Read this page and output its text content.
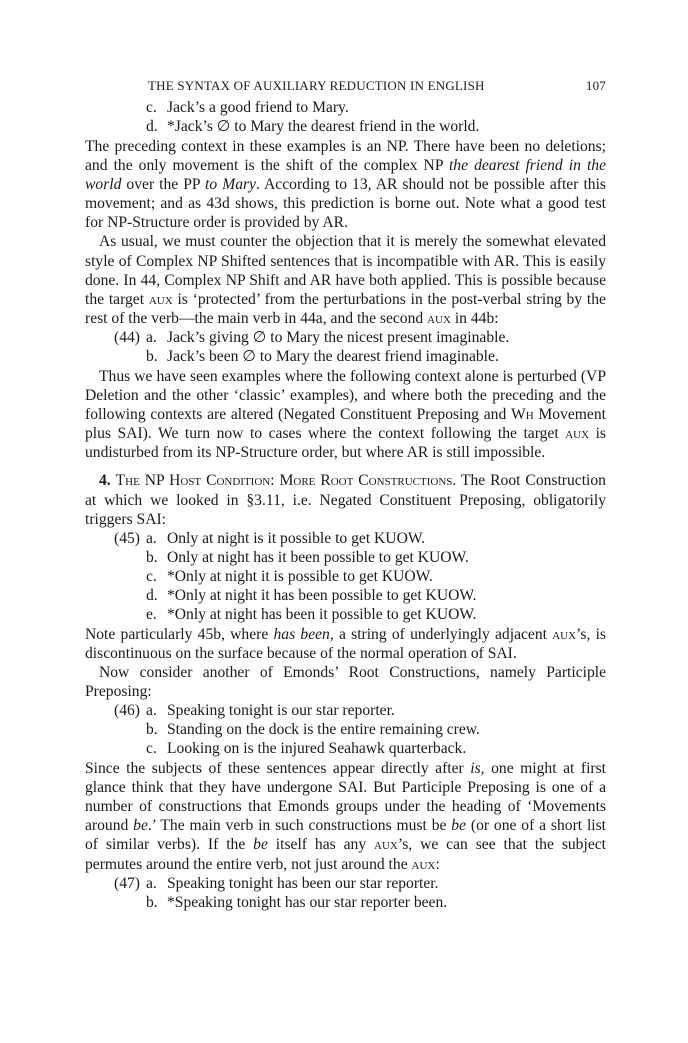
THE SYNTAX OF AUXILIARY REDUCTION IN ENGLISH	107
c. Jack’s a good friend to Mary.
d. *Jack’s ∅ to Mary the dearest friend in the world.

The preceding context in these examples is an NP. There have been no deletions; and the only movement is the shift of the complex NP the dearest friend in the world over the PP to Mary. According to 13, AR should not be possible after this movement; and as 43d shows, this prediction is borne out. Note what a good test for NP-Structure order is provided by AR.

As usual, we must counter the objection that it is merely the somewhat elevated style of Complex NP Shifted sentences that is incompatible with AR. This is easily done. In 44, Complex NP Shift and AR have both applied. This is possible because the target aux is ‘protected’ from the perturbations in the post-verbal string by the rest of the verb—the main verb in 44a, and the second aux in 44b:

(44) a. Jack’s giving ∅ to Mary the nicest present imaginable.
b. Jack’s been ∅ to Mary the dearest friend imaginable.

Thus we have seen examples where the following context alone is perturbed (VP Deletion and the other ‘classic’ examples), and where both the preceding and the following contexts are altered (Negated Constituent Preposing and Wh Movement plus SAI). We turn now to cases where the context following the target aux is undisturbed from its NP-Structure order, but where AR is still impossible.

4. The NP Host Condition: More Root Constructions. The Root Construction at which we looked in §3.11, i.e. Negated Constituent Preposing, obligatorily triggers SAI:

(45) a. Only at night is it possible to get KUOW.
b. Only at night has it been possible to get KUOW.
c. *Only at night it is possible to get KUOW.
d. *Only at night it has been possible to get KUOW.
e. *Only at night has been it possible to get KUOW.

Note particularly 45b, where has been, a string of underlyingly adjacent aux’s, is discontinuous on the surface because of the normal operation of SAI.

Now consider another of Emonds’ Root Constructions, namely Participle Preposing:

(46) a. Speaking tonight is our star reporter.
b. Standing on the dock is the entire remaining crew.
c. Looking on is the injured Seahawk quarterback.

Since the subjects of these sentences appear directly after is, one might at first glance think that they have undergone SAI. But Participle Preposing is one of a number of constructions that Emonds groups under the heading of ‘Movements around be.’ The main verb in such constructions must be be (or one of a short list of similar verbs). If the be itself has any aux’s, we can see that the subject permutes around the entire verb, not just around the aux:

(47) a. Speaking tonight has been our star reporter.
b. *Speaking tonight has our star reporter been.
